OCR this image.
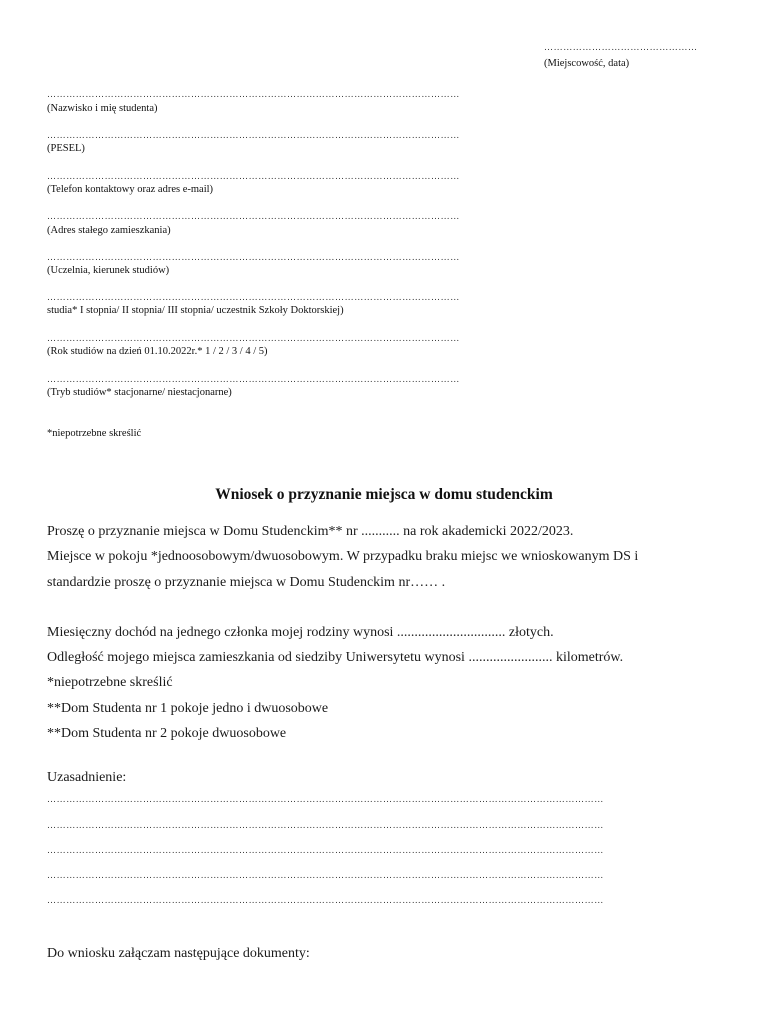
…………………………………………
(Miejscowość, data)
…………………………………………………………………………………………………………………
(Nazwisko i mię studenta)
…………………………………………………………………………………………………………………
(PESEL)
…………………………………………………………………………………………………………………
(Telefon kontaktowy oraz adres e-mail)
…………………………………………………………………………………………………………………
(Adres stałego zamieszkania)
…………………………………………………………………………………………………………………
(Uczelnia, kierunek studiów)
…………………………………………………………………………………………………………………
studia* I stopnia/ II stopnia/ III stopnia/ uczestnik Szkoły Doktorskiej)
…………………………………………………………………………………………………………………
(Rok studiów na dzień 01.10.2022r.* 1 / 2 / 3 / 4 / 5)
…………………………………………………………………………………………………………………
(Tryb studiów* stacjonarne/ niestacjonarne)
*niepotrzebne skreślić
Wniosek o przyznanie miejsca w domu studenckim
Proszę o przyznanie miejsca w Domu Studenckim** nr ........... na rok akademicki 2022/2023.
Miejsce w pokoju *jednoosobowym/dwuosobowym. W przypadku braku miejsc we wnioskowanym DS i
standardzie proszę o przyznanie miejsca w Domu Studenckim nr…… .
Miesięczny dochód na jednego członka mojej rodziny wynosi ............................... złotych.
Odległość mojego miejsca zamieszkania od siedziby Uniwersytetu wynosi ........................ kilometrów.
*niepotrzebne skreślić
**Dom Studenta nr 1 pokoje jedno i dwuosobowe
**Dom Studenta nr 2 pokoje dwuosobowe
Uzasadnienie:
…………………………………………………………………………………………………………………………………………………………
…………………………………………………………………………………………………………………………………………………………
…………………………………………………………………………………………………………………………………………………………
…………………………………………………………………………………………………………………………………………………………
…………………………………………………………………………………………………………………………………………………………
Do wniosku załączam następujące dokumenty:
